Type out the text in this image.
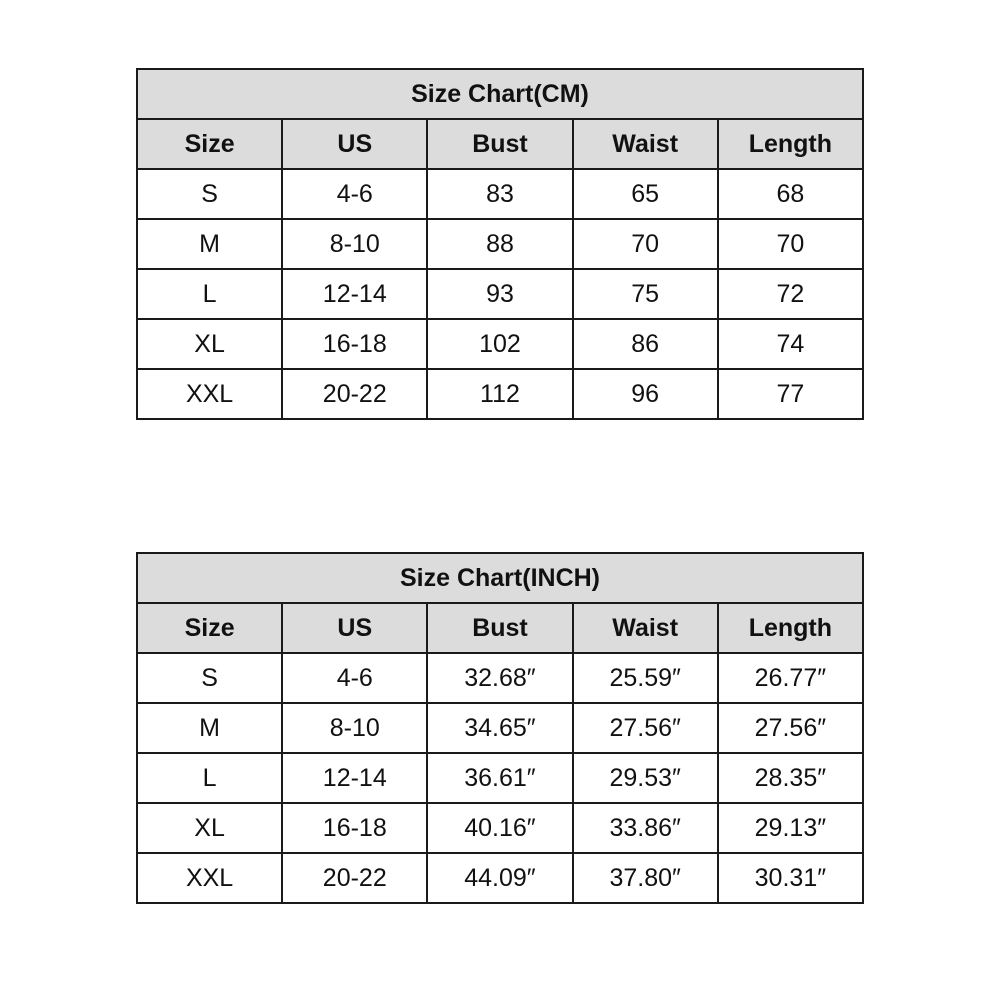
Size Chart(CM)				
Size	US	Bust	Waist	Length
S	4-6	83	65	68
M	8-10	88	70	70
L	12-14	93	75	72
XL	16-18	102	86	74
XXL	20-22	112	96	77
Size Chart(INCH)				
Size	US	Bust	Waist	Length
S	4-6	32.68″	25.59″	26.77″
M	8-10	34.65″	27.56″	27.56″
L	12-14	36.61″	29.53″	28.35″
XL	16-18	40.16″	33.86″	29.13″
XXL	20-22	44.09″	37.80″	30.31″
